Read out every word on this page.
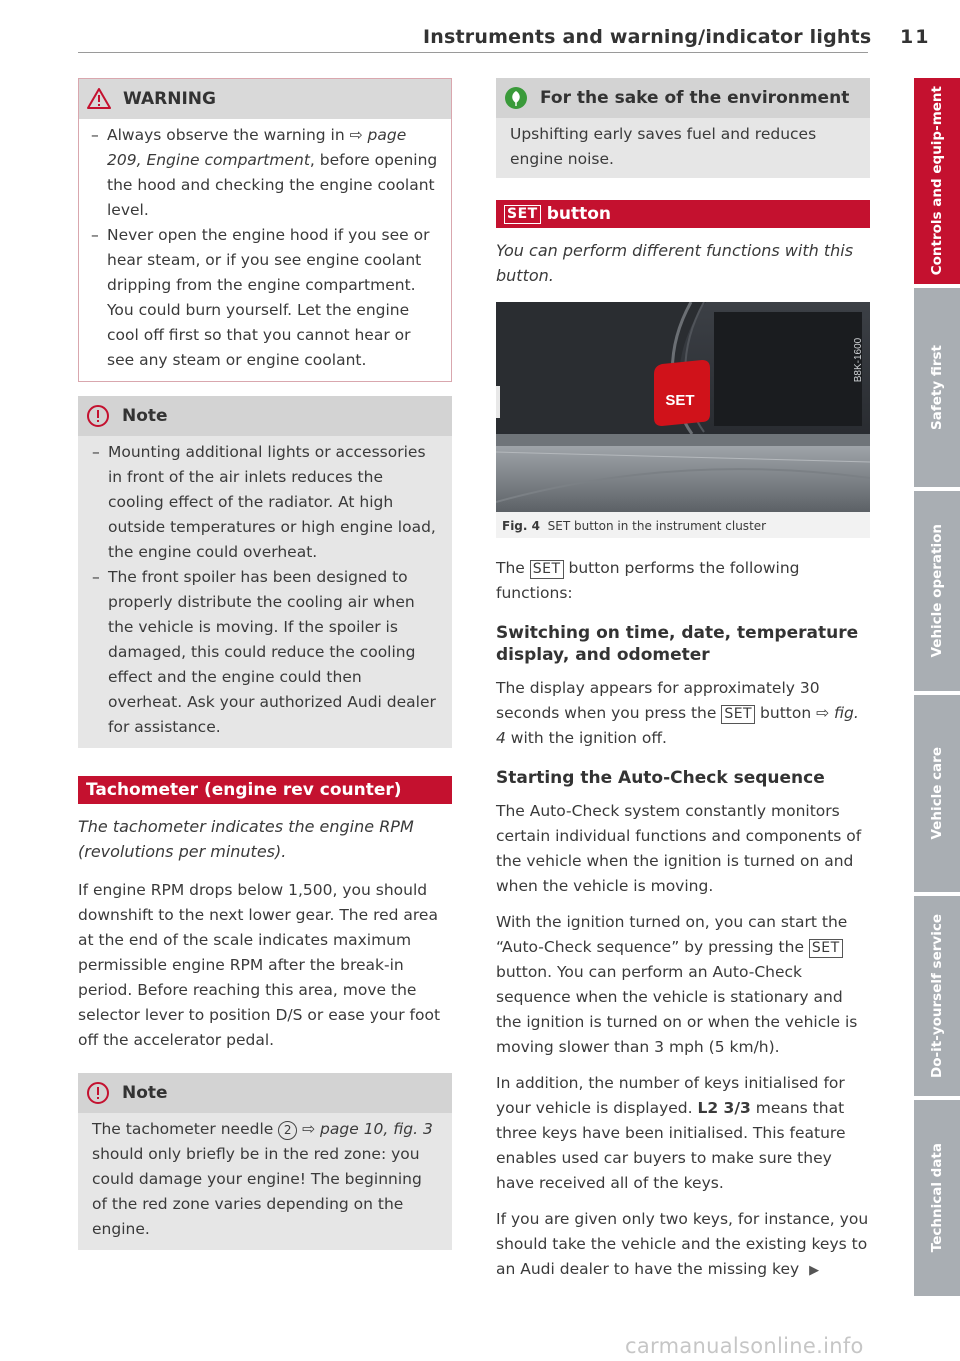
Instruments and warning/indicator lights 11
WARNING
– Always observe the warning in ⇨ page 209, Engine compartment, before opening the hood and checking the engine coolant level.
– Never open the engine hood if you see or hear steam, or if you see engine coolant dripping from the engine compartment. You could burn yourself. Let the engine cool off first so that you cannot hear or see any steam or engine coolant.
Note
– Mounting additional lights or accessories in front of the air inlets reduces the cooling effect of the radiator. At high outside temperatures or high engine load, the engine could overheat.
– The front spoiler has been designed to properly distribute the cooling air when the vehicle is moving. If the spoiler is damaged, this could reduce the cooling effect and the engine could then overheat. Ask your authorized Audi dealer for assistance.
Tachometer (engine rev counter)

The tachometer indicates the engine RPM (revolutions per minutes).

If engine RPM drops below 1,500, you should downshift to the next lower gear. The red area at the end of the scale indicates maximum permissible engine RPM after the break-in period. Before reaching this area, move the selector lever to position D/S or ease your foot off the accelerator pedal.

Note
The tachometer needle 2 ⇨ page 10, fig. 3 should only briefly be in the red zone: you could damage your engine! The beginning of the red zone varies depending on the engine.
For the sake of the environment
Upshifting early saves fuel and reduces engine noise.
SET button

You can perform different functions with this button.

SET
B8K-1600
Fig. 4 SET button in the instrument cluster

The SET button performs the following functions:

Switching on time, date, temperature display, and odometer

The display appears for approximately 30 seconds when you press the SET button ⇨ fig. 4 with the ignition off.

Starting the Auto-Check sequence

The Auto-Check system constantly monitors certain individual functions and components of the vehicle when the ignition is turned on and when the vehicle is moving.

With the ignition turned on, you can start the “Auto-Check sequence” by pressing the SET button. You can perform an Auto-Check sequence when the vehicle is stationary and the ignition is turned on or when the vehicle is moving slower than 3 mph (5 km/h).

In addition, the number of keys initialised for your vehicle is displayed. L2 3/3 means that three keys have been initialised. This feature enables used car buyers to make sure they have received all of the keys.

If you are given only two keys, for instance, you should take the vehicle and the existing keys to an Audi dealer to have the missing key ▶

Controls and equip-ment
Safety first
Vehicle operation
Vehicle care
Do-it-yourself service
Technical data
carmanualsonline.info
